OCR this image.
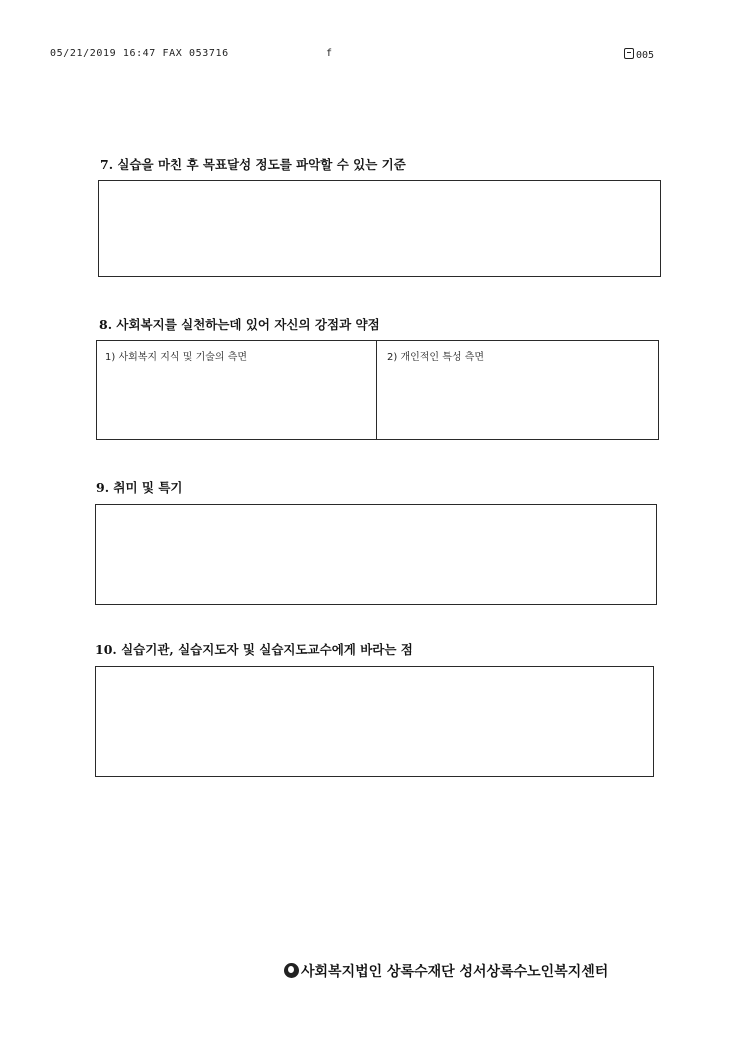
05/21/2019 16:47 FAX 053716	f	005
7. 실습을 마친 후 목표달성 정도를 파악할 수 있는 기준
8. 사회복지를 실천하는데 있어 자신의 강점과 약점
1) 사회복지 지식 및 기술의 측면	2) 개인적인 특성 측면
9. 취미 및 특기
10. 실습기관, 실습지도자 및 실습지도교수에게 바라는 점
사회복지법인 상록수재단 성서상록수노인복지센터
